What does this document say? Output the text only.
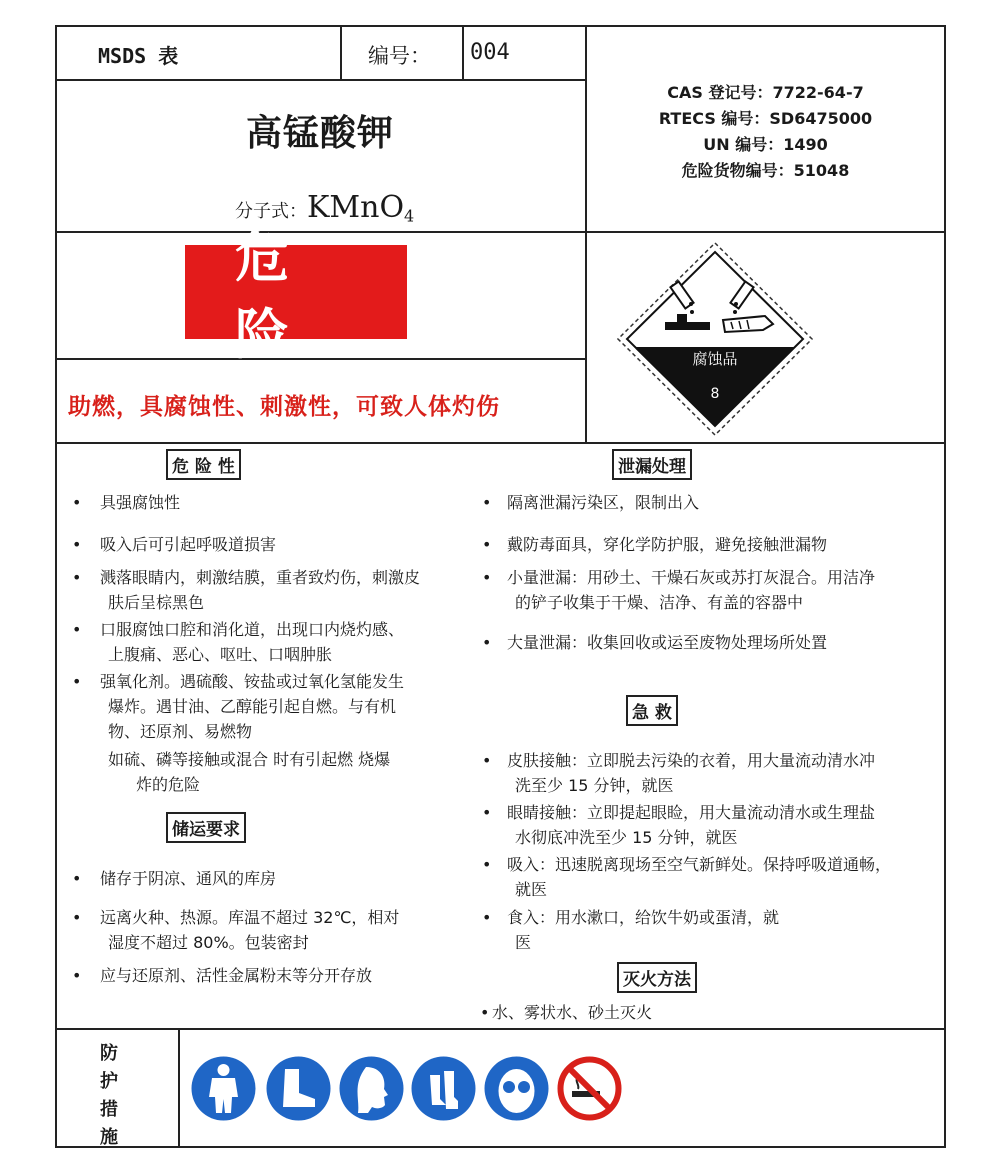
MSDS 表	编号： 004
高锰酸钾
分子式：KMnO$_4$
CAS 登记号：7722-64-7
RTECS 编号：SD6475000
UN 编号：1490
危险货物编号：51048
危险
助燃，具腐蚀性、刺激性，可致人体灼伤
腐蚀品
8
危 险 性	泄漏处理
储运要求
急 救
灭火方法
• 具强腐蚀性
• 吸入后可引起呼吸道损害
• 溅落眼睛内，刺激结膜，重者致灼伤，刺激皮
肤后呈棕黑色
• 口服腐蚀口腔和消化道，出现口内烧灼感、
上腹痛、恶心、呕吐、口咽肿胀
• 强氧化剂。遇硫酸、铵盐或过氧化氢能发生
爆炸。遇甘油、乙醇能引起自燃。与有机
物、还原剂、易燃物
如硫、磷等接触或混合 时有引起燃 烧爆
炸的危险
• 储存于阴凉、通风的库房
• 远离火种、热源。库温不超过 32℃，相对
湿度不超过 80%。包装密封
• 应与还原剂、活性金属粉末等分开存放
• 隔离泄漏污染区，限制出入
• 戴防毒面具，穿化学防护服，避免接触泄漏物
• 小量泄漏：用砂土、干燥石灰或苏打灰混合。用洁净
的铲子收集于干燥、洁净、有盖的容器中
• 大量泄漏：收集回收或运至废物处理场所处置
• 皮肤接触：立即脱去污染的衣着，用大量流动清水冲
洗至少 15 分钟，就医
• 眼睛接触：立即提起眼睑，用大量流动清水或生理盐
水彻底冲洗至少 15 分钟，就医
• 吸入：迅速脱离现场至空气新鲜处。保持呼吸道通畅，
就医
• 食入：用水漱口，给饮牛奶或蛋清，就
医
• 水、雾状水、砂土灭火
防
护
措
施
